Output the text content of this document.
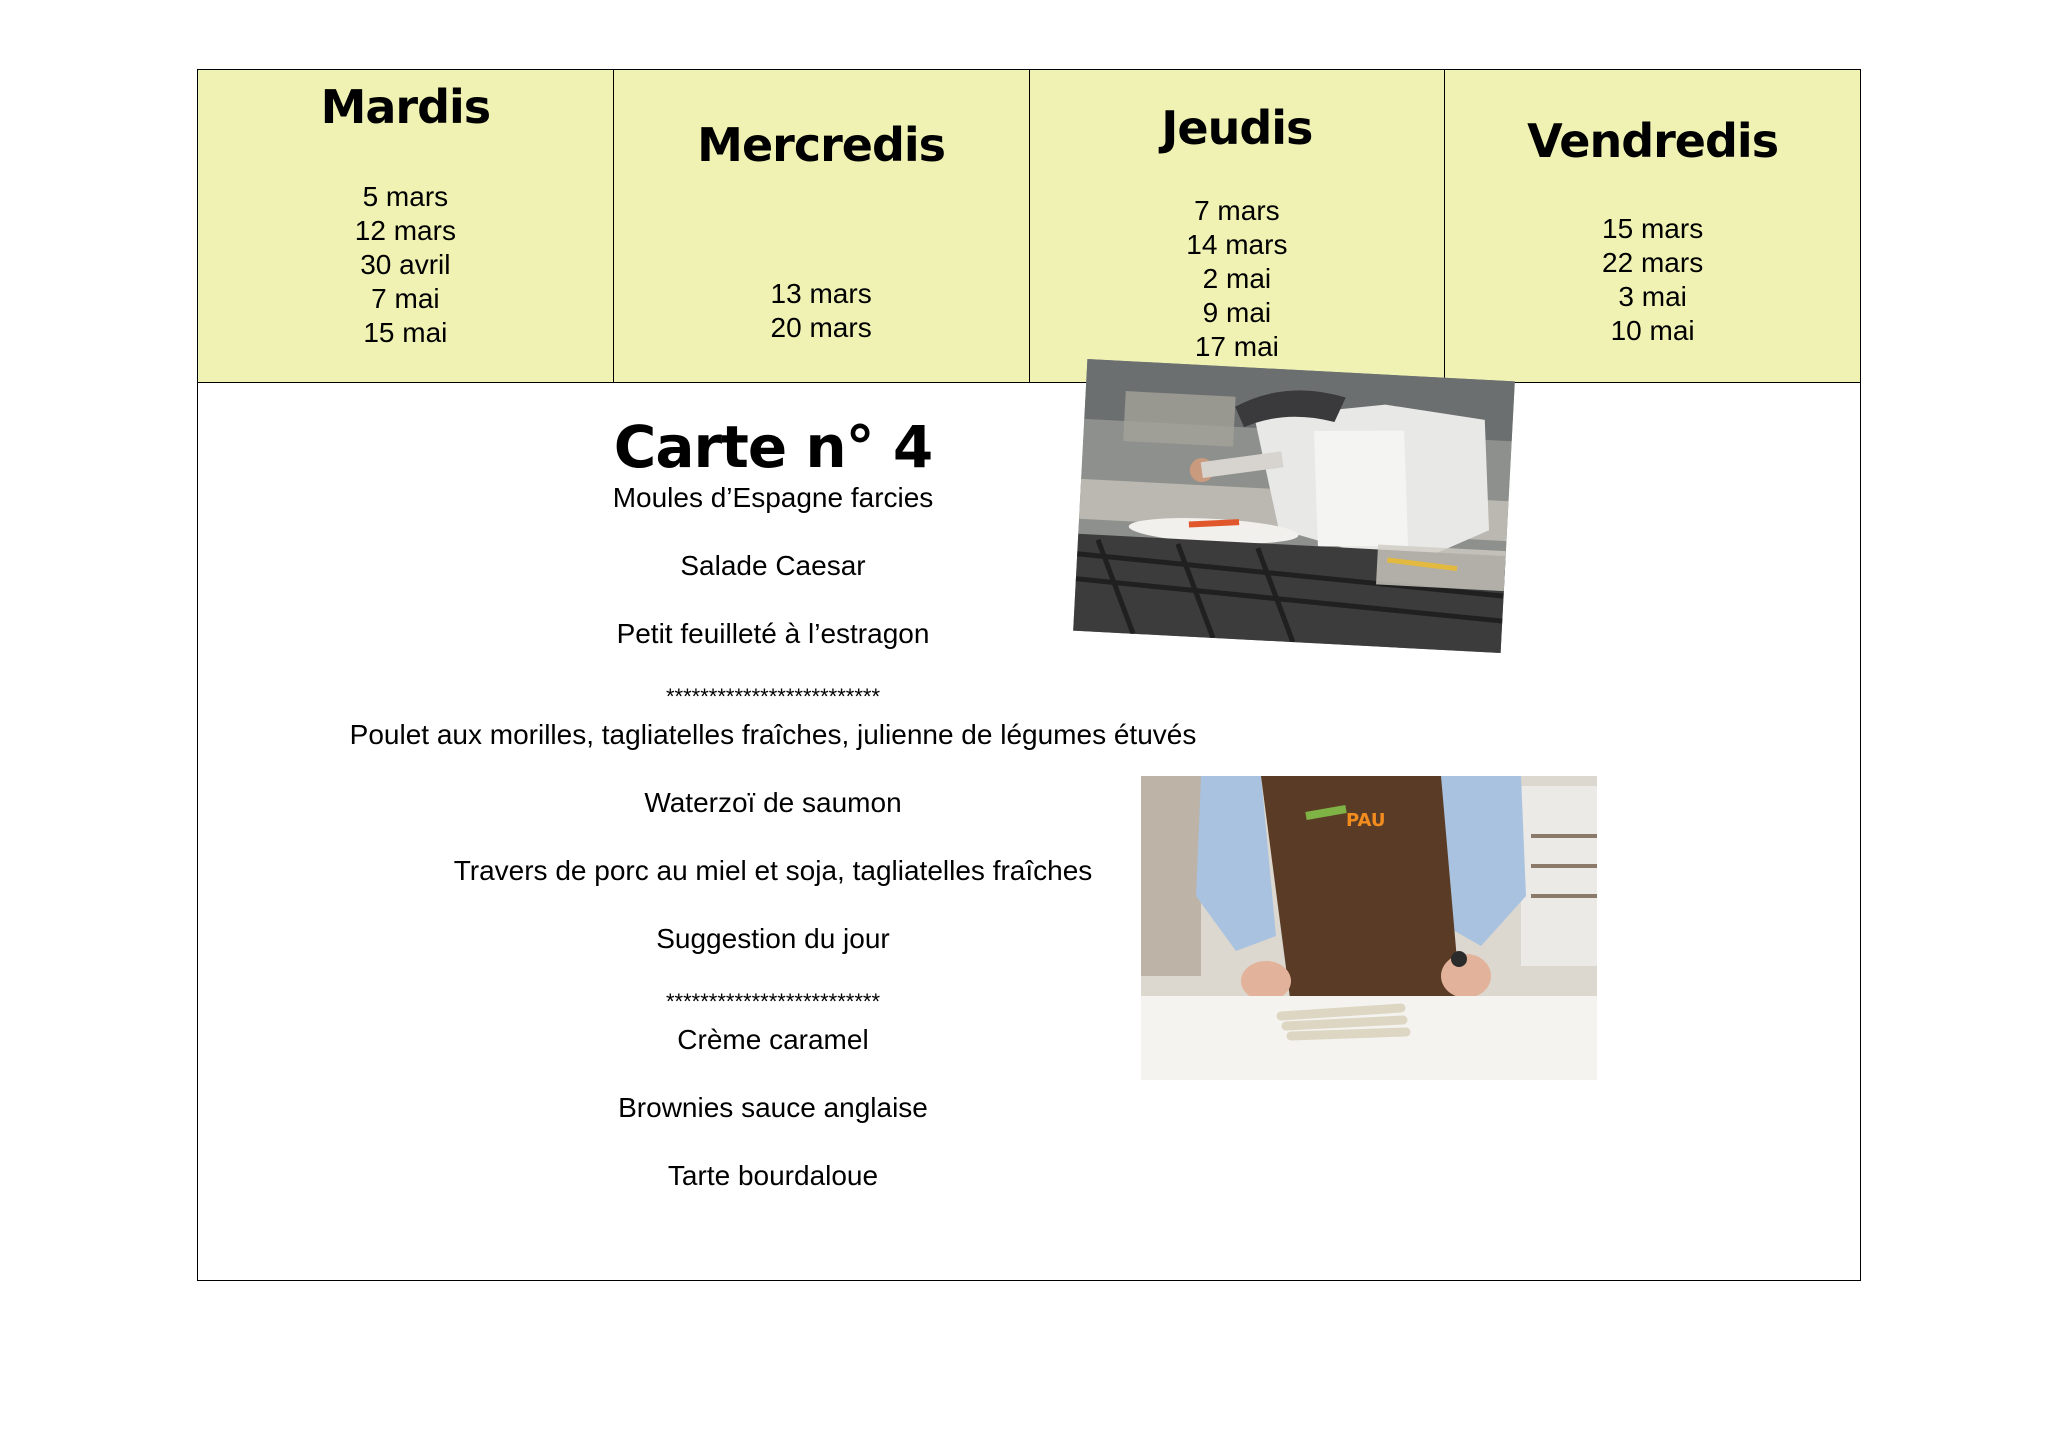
Mardis
5 mars
12 mars
30 avril
7 mai
15 mai
Mercredis
13 mars
20 mars
Jeudis
7 mars
14 mars
2 mai
9 mai
17 mai
Vendredis
15 mars
22 mars
3 mai
10 mai
Carte n° 4
Moules d’Espagne farcies
Salade Caesar
Petit feuilleté à l’estragon
*************************
Poulet aux morilles, tagliatelles fraîches, julienne de légumes étuvés
Waterzoï de saumon
Travers de porc au miel et soja, tagliatelles fraîches
Suggestion du jour
*************************
Crème caramel
Brownies sauce anglaise
Tarte bourdaloue
PAU
